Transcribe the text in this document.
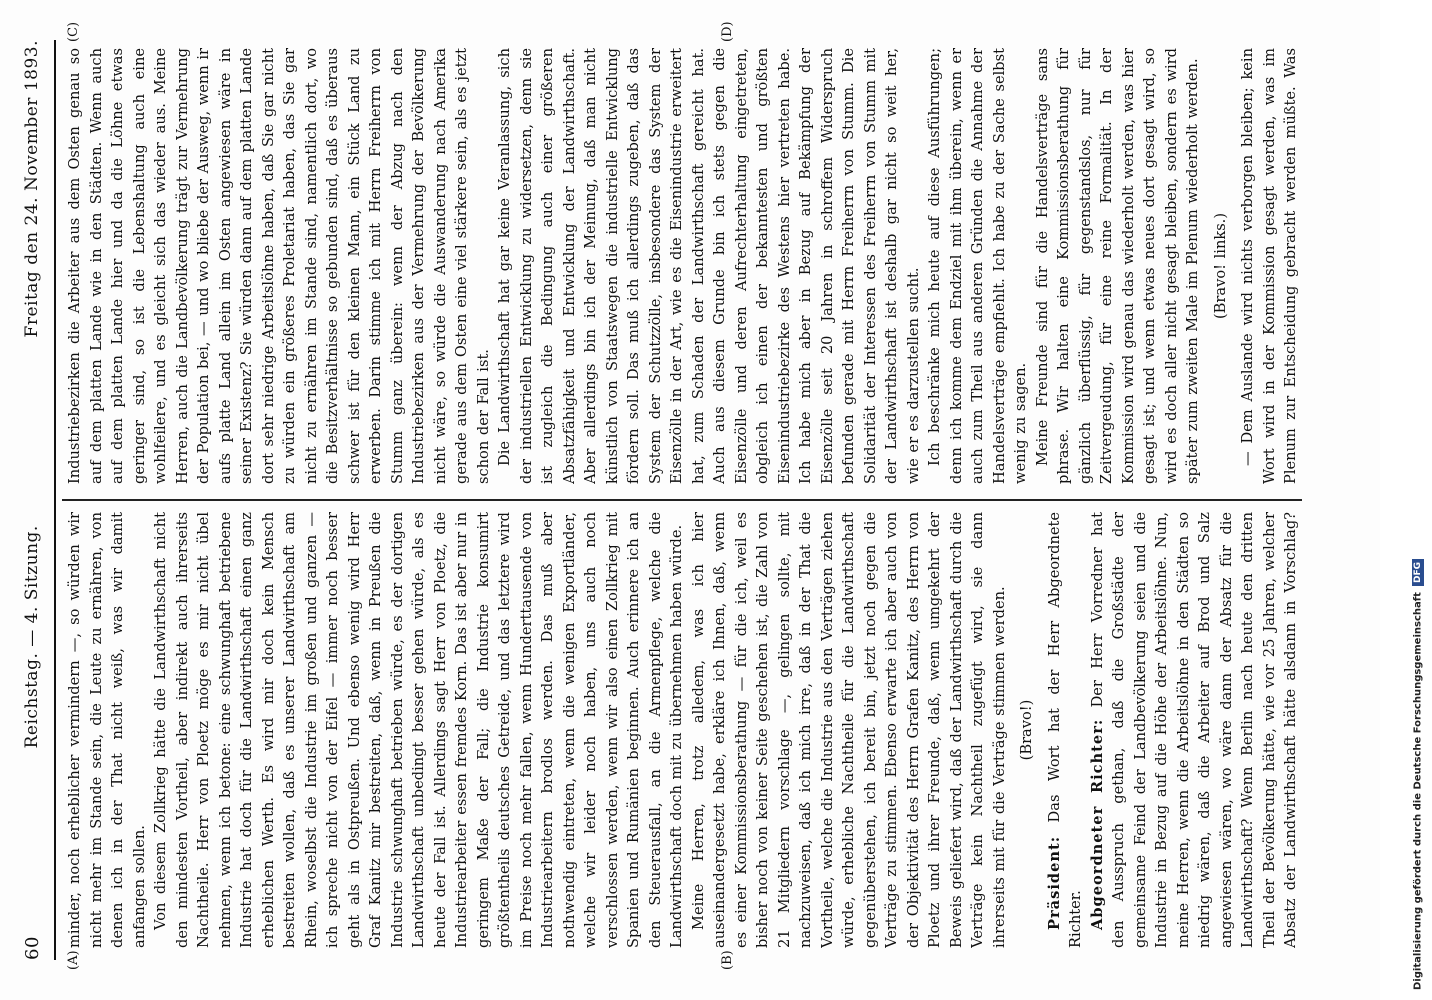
60
Reichstag. — 4. Sitzung.
Freitag den 24. November 1893.
(A)	(B)
(C)	(D)

minder, noch erheblicher vermindern —, so würden wir nicht mehr im Stande sein, die Leute zu ernähren, von denen ich in der That nicht weiß, was wir damit anfangen sollen. Von diesem Zollkrieg hätte die Landwirthschaft nicht den mindesten Vortheil, aber indirekt auch ihrerseits Nachtheile. Herr von Ploetz möge es mir nicht übel nehmen, wenn ich betone: eine schwunghaft betriebene Industrie hat doch für die Landwirthschaft einen ganz erheblichen Werth. Es wird mir doch kein Mensch bestreiten wollen, daß es unserer Landwirthschaft am Rhein, woselbst die Industrie im großen und ganzen — ich spreche nicht von der Eifel — immer noch besser geht als in Ostpreußen. Und ebenso wenig wird Herr Graf Kanitz mir bestreiten, daß, wenn in Preußen die Industrie schwunghaft betrieben würde, es der dortigen Landwirthschaft unbedingt besser gehen würde, als es heute der Fall ist. Allerdings sagt Herr von Ploetz, die Industriearbeiter essen fremdes Korn. Das ist aber nur in geringem Maße der Fall; die Industrie konsumirt größtentheils deutsches Getreide, und das letztere wird im Preise noch mehr fallen, wenn Hunderttausende von Industriearbeitern brodlos werden. Das muß aber nothwendig eintreten, wenn die wenigen Exportländer, welche wir leider noch haben, uns auch noch verschlossen werden, wenn wir also einen Zollkrieg mit Spanien und Rumänien beginnen. Auch erinnere ich an den Steuerausfall, an die Armenpflege, welche die Landwirthschaft doch mit zu übernehmen haben würde. Meine Herren, trotz alledem, was ich hier auseinandergesetzt habe, erkläre ich Ihnen, daß, wenn es einer Kommissionsberathung — für die ich, weil es bisher noch von keiner Seite geschehen ist, die Zahl von 21 Mitgliedern vorschlage —, gelingen sollte, mit nachzuweisen, daß ich mich irre, daß in der That die Vortheile, welche die Industrie aus den Verträgen ziehen würde, erhebliche Nachtheile für die Landwirthschaft gegenüberstehen, ich bereit bin, jetzt noch gegen die Verträge zu stimmen. Ebenso erwarte ich aber auch von der Objektivität des Herrn Grafen Kanitz, des Herrn von Ploetz und ihrer Freunde, daß, wenn umgekehrt der Beweis geliefert wird, daß der Landwirthschaft durch die Verträge kein Nachtheil zugefügt wird, sie dann ihrerseits mit für die Verträge stimmen werden. (Bravo!)

Präsident: Das Wort hat der Herr Abgeordnete Richter. Abgeordneter Richter: Der Herr Vorredner hat den Ausspruch gethan, daß die Großstädte der gemeinsame Feind der Landbevölkerung seien und die Industrie in Bezug auf die Höhe der Arbeitslöhne. Nun, meine Herren, wenn die Arbeitslöhne in den Städten so niedrig wären, daß die Arbeiter auf Brod und Salz angewiesen wären, wo wäre dann der Absatz für die Landwirthschaft? Wenn Berlin nach heute den dritten Theil der Bevölkerung hätte, wie vor 25 Jahren, welcher Absatz der Landwirthschaft hätte alsdann in Vorschlag?

Industriebezirken die Arbeiter aus dem Osten genau so auf dem platten Lande wie in den Städten. Wenn auch auf dem platten Lande hier und da die Löhne etwas geringer sind, so ist die Lebenshaltung auch eine wohlfeilere, und es gleicht sich das wieder aus. Meine Herren, auch die Landbevölkerung trägt zur Vermehrung der Population bei, — und wo bliebe der Ausweg, wenn ir aufs platte Land allein im Osten angewiesen wäre in seiner Existenz? Sie würden dann auf dem platten Lande dort sehr niedrige Arbeitslöhne haben, daß Sie gar nicht zu würden ein größeres Proletariat haben, das Sie gar nicht zu ernähren im Stande sind, namentlich dort, wo die Besitzverhältnisse so gebunden sind, daß es überaus schwer ist für den kleinen Mann, ein Stück Land zu erwerben. Darin stimme ich mit Herrn Freiherrn von Stumm ganz überein: wenn der Abzug nach den Industriebezirken aus der Vermehrung der Bevölkerung nicht wäre, so würde die Auswanderung nach Amerika gerade aus dem Osten eine viel stärkere sein, als es jetzt schon der Fall ist. Die Landwirthschaft hat gar keine Veranlassung, sich der industriellen Entwicklung zu widersetzen, denn sie ist zugleich die Bedingung auch einer größeren Absatzfähigkeit und Entwicklung der Landwirthschaft. Aber allerdings bin ich der Meinung, daß man nicht künstlich von Staatswegen die industrielle Entwicklung fördern soll. Das muß ich allerdings zugeben, daß das System der Schutzzölle, insbesondere das System der Eisenzölle in der Art, wie es die Eisenindustrie erweitert hat, zum Schaden der Landwirthschaft gereicht hat. Auch aus diesem Grunde bin ich stets gegen die Eisenzölle und deren Aufrechterhaltung eingetreten, obgleich ich einen der bekanntesten und größten Eisenindustriebezirke des Westens hier vertreten habe. Ich habe mich aber in Bezug auf Bekämpfung der Eisenzölle seit 20 Jahren in schroffem Widerspruch befunden gerade mit Herrn Freiherrn von Stumm. Die Solidarität der Interessen des Freiherrn von Stumm mit der Landwirthschaft ist deshalb gar nicht so weit her, wie er es darzustellen sucht. Ich beschränke mich heute auf diese Ausführungen; denn ich komme dem Endziel mit ihm überein, wenn er auch zum Theil aus anderen Gründen die Annahme der Handelsverträge empfiehlt. Ich habe zu der Sache selbst wenig zu sagen. Meine Freunde sind für die Handelsverträge sans phrase. Wir halten eine Kommissionsberathung für gänzlich überflüssig, für gegenstandslos, nur für Zeitvergeudung, für eine reine Formalität. In der Kommission wird genau das wiederholt werden, was hier gesagt ist; und wenn etwas neues dort gesagt wird, so wird es doch aller nicht gesagt bleiben, sondern es wird später zum zweiten Male im Plenum wiederholt werden. (Bravo! links.)

— Dem Auslande wird nichts verborgen bleiben; kein Wort wird in der Kommission gesagt werden, was im Plenum zur Entscheidung gebracht werden müßte. Was

Digitalisierung gefördert durch die Deutsche Forschungsgemeinschaft
DFG
